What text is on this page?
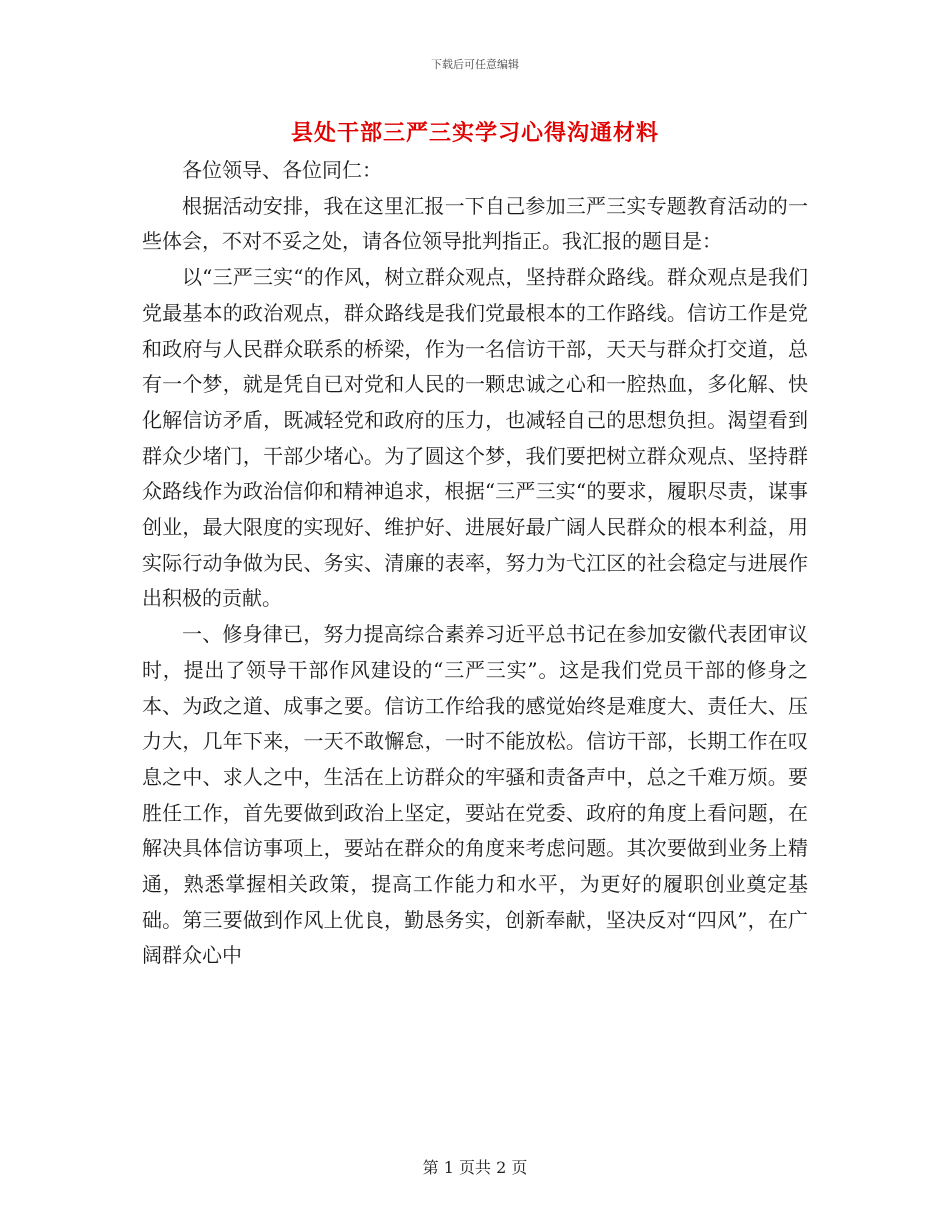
下载后可任意编辑
县处干部三严三实学习心得沟通材料

各位领导、各位同仁：

根据活动安排，我在这里汇报一下自己参加三严三实专题教育活动的一些体会，不对不妥之处，请各位领导批判指正。我汇报的题目是：

以“三严三实“的作风，树立群众观点，坚持群众路线。群众观点是我们党最基本的政治观点，群众路线是我们党最根本的工作路线。信访工作是党和政府与人民群众联系的桥梁，作为一名信访干部，天天与群众打交道，总有一个梦，就是凭自已对党和人民的一颗忠诚之心和一腔热血，多化解、快化解信访矛盾，既减轻党和政府的压力，也减轻自己的思想负担。渴望看到群众少堵门，干部少堵心。为了圆这个梦，我们要把树立群众观点、坚持群众路线作为政治信仰和精神追求，根据“三严三实“的要求，履职尽责，谋事创业，最大限度的实现好、维护好、进展好最广阔人民群众的根本利益，用实际行动争做为民、务实、清廉的表率，努力为弋江区的社会稳定与进展作出积极的贡献。

一、修身律已，努力提高综合素养习近平总书记在参加安徽代表团审议时，提出了领导干部作风建设的“三严三实”。这是我们党员干部的修身之本、为政之道、成事之要。信访工作给我的感觉始终是难度大、责任大、压力大，几年下来，一天不敢懈怠，一时不能放松。信访干部，长期工作在叹息之中、求人之中，生活在上访群众的牢骚和责备声中，总之千难万烦。要胜任工作，首先要做到政治上坚定，要站在党委、政府的角度上看问题，在解决具体信访事项上，要站在群众的角度来考虑问题。其次要做到业务上精通，熟悉掌握相关政策，提高工作能力和水平，为更好的履职创业奠定基础。第三要做到作风上优良，勤恳务实，创新奉献，坚决反对“四风”，在广阔群众心中

第 1 页共 2 页
